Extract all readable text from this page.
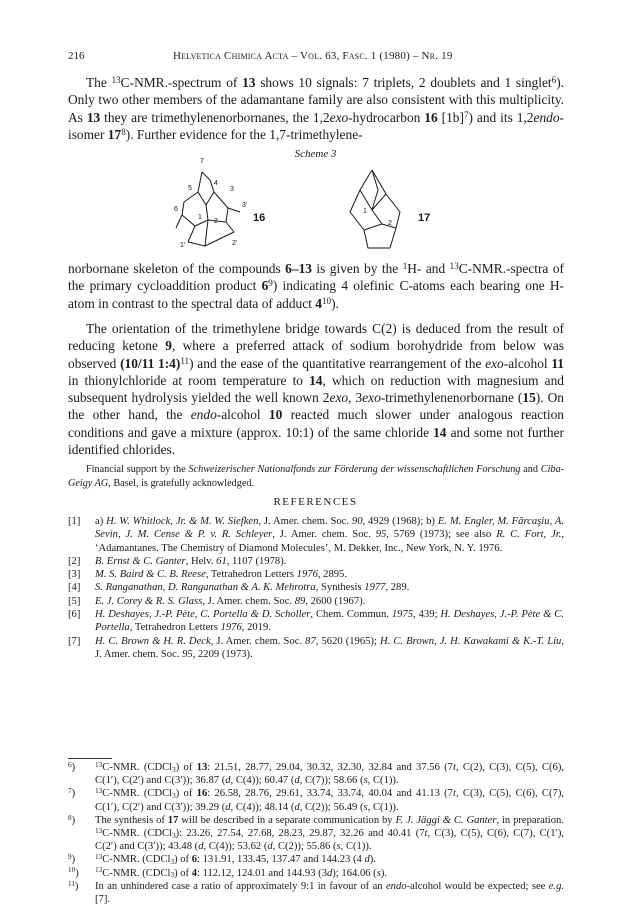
216	Helvetica Chimica Acta – Vol. 63, Fasc. 1 (1980) – Nr. 19

The $^{13}$C-NMR.-spectrum of 13 shows 10 signals: 7 triplets, 2 doublets and 1 singlet$^6$). Only two other members of the adamantane family are also consistent with this multiplicity. As 13 they are trimethylenenorbornanes, the 1,2exo-hydrocarbon 16 $[1b]^7$) and its 1,2endo-isomer $17^8$). Further evidence for the 1,7-trimethylene-

Scheme 3
16	17
7
4
5	3
3′
6
1
2
1′	2′
1
2

norbornane skeleton of the compounds 6–13 is given by the $^1$H- and $^{13}$C-NMR.-spectra of the primary cycloaddition product $6^9$) indicating 4 olefinic C-atoms each bearing one H-atom in contrast to the spectral data of adduct $4^{10}$).

The orientation of the trimethylene bridge towards C(2) is deduced from the result of reducing ketone 9, where a preferred attack of sodium borohydride from below was observed (10/11 1:4)$^{11}$) and the ease of the quantitative rearrangement of the exo-alcohol 11 in thionylchloride at room temperature to 14, which on reduction with magnesium and subsequent hydrolysis yielded the well known 2exo, 3exo-trimethylenenorbornane (15). On the other hand, the endo-alcohol 10 reacted much slower under analogous reaction conditions and gave a mixture (approx. 10:1) of the same chloride 14 and some not further identified chlorides.

Financial support by the Schweizerischer Nationalfonds zur Förderung der wissenschaftlichen Forschung and Ciba-Geigy AG, Basel, is gratefully acknowledged.

REFERENCES
[1] a) H. W. Whitlock, Jr. & M. W. Siefken, J. Amer. chem. Soc. 90, 4929 (1968); b) E. M. Engler, M. Fărcaşiu, A. Sevin, J. M. Cense & P. v. R. Schleyer, J. Amer. chem. Soc. 95, 5769 (1973); see also R. C. Fort, Jr., ‘Adamantanes. The Chemistry of Diamond Molecules’, M. Dekker, Inc., New York, N. Y. 1976.
[2] B. Ernst & C. Ganter, Helv. 61, 1107 (1978).
[3] M. S. Baird & C. B. Reese, Tetrahedron Letters 1976, 2895.
[4] S. Ranganathan, D. Ranganathan & A. K. Mehrotra, Synthesis 1977, 289.
[5] E. J. Corey & R. S. Glass, J. Amer. chem. Soc. 89, 2600 (1967).
[6] H. Deshayes, J.-P. Pète, C. Portella & D. Scholler, Chem. Commun. 1975, 439; H. Deshayes, J.-P. Pète & C. Portella, Tetrahedron Letters 1976, 2019.
[7] H. C. Brown & H. R. Deck, J. Amer. chem. Soc. 87, 5620 (1965); H. C. Brown, J. H. Kawakami & K.-T. Liu, J. Amer. chem. Soc. 95, 2209 (1973).
$^6$)	$^{13}$C-NMR. (CDCl$_3$) of 13: 21.51, 28.77, 29.04, 30.32, 32.30, 32.84 and 37.56 (7t, C(2), C(3), C(5), C(6), C(1′), C(2′) and C(3′)); 36.87 (d, C(4)); 60.47 (d, C(7)); 58.66 (s, C(1)).
$^7$)	$^{13}$C-NMR. (CDCl$_3$) of 16: 26.58, 28.76, 29.61, 33.74, 33.74, 40.04 and 41.13 (7t, C(3), C(5), C(6), C(7), C(1′), C(2′) and C(3′)); 39.29 (d, C(4)); 48.14 (d, C(2)); 56.49 (s, C(1)).
$^8$) The synthesis of 17 will be described in a separate communication by F. J. Jäggi & C. Ganter, in preparation. $^{13}$C-NMR. (CDCl$_3$): 23.26, 27.54, 27.68, 28.23, 29.87, 32.26 and 40.41 (7t, C(3), C(5), C(6), C(7), C(1′), C(2′) and C(3′)); 43.48 (d, C(4)); 53.62 (d, C(2)); 55.86 (s, C(1)).
$^9$)	$^{13}$C-NMR. (CDCl$_3$) of 6: 131.91, 133.45, 137.47 and 144.23 (4 d).
$^{10}$) $^{13}$C-NMR. (CDCl$_3$) of 4: 112.12, 124.01 and 144.93 (3d); 164.06 (s).
$^{11}$) In an unhindered case a ratio of approximately 9:1 in favour of an endo-alcohol would be expected; see e.g. [7].
